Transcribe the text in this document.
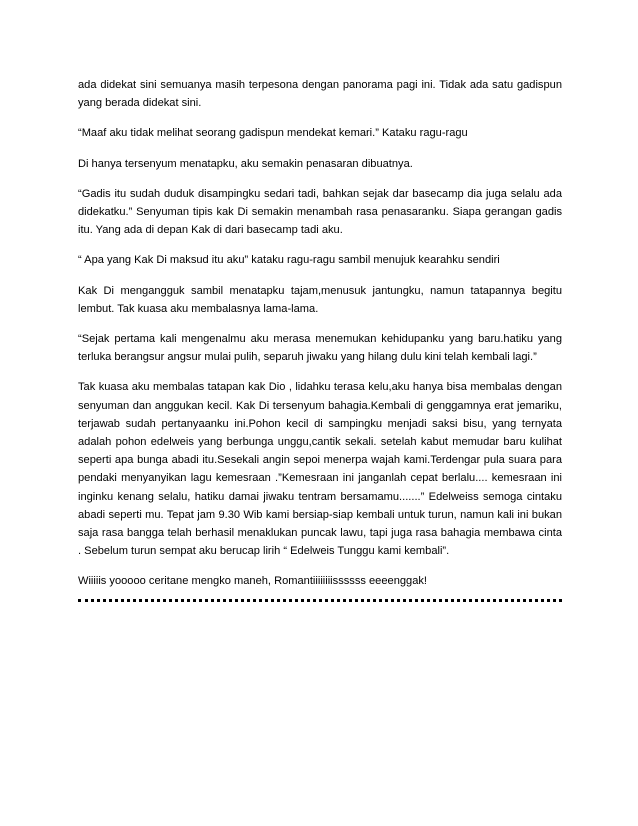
ada didekat sini semuanya masih terpesona dengan panorama pagi ini. Tidak ada satu gadispun yang berada didekat sini.

“Maaf aku tidak melihat seorang gadispun mendekat kemari.” Kataku ragu-ragu

Di hanya tersenyum menatapku, aku semakin penasaran dibuatnya.

“Gadis itu sudah duduk disampingku sedari tadi, bahkan sejak dar basecamp dia juga selalu ada didekatku.” Senyuman tipis kak Di semakin menambah rasa penasaranku. Siapa gerangan gadis itu. Yang ada di depan Kak di dari basecamp tadi aku.

“ Apa yang Kak Di maksud itu aku” kataku ragu-ragu sambil menujuk kearahku sendiri

Kak Di mengangguk sambil menatapku tajam,menusuk jantungku, namun tatapannya begitu lembut. Tak kuasa aku membalasnya lama-lama.

“Sejak pertama kali mengenalmu aku merasa menemukan kehidupanku yang baru.hatiku yang terluka berangsur angsur mulai pulih, separuh jiwaku yang hilang dulu kini telah kembali lagi.”

Tak kuasa aku membalas tatapan kak Dio , lidahku terasa kelu,aku hanya bisa membalas dengan senyuman dan anggukan kecil. Kak Di tersenyum bahagia.Kembali di genggamnya erat jemariku, terjawab sudah pertanyaanku ini.Pohon kecil di sampingku menjadi saksi bisu, yang ternyata adalah pohon edelweis yang berbunga unggu,cantik sekali. setelah kabut memudar baru kulihat seperti apa bunga abadi itu.Sesekali angin sepoi menerpa wajah kami.Terdengar pula suara para pendaki menyanyikan lagu kemesraan .”Kemesraan ini janganlah cepat berlalu.... kemesraan ini inginku kenang selalu, hatiku damai jiwaku tentram bersamamu.......” Edelweiss semoga cintaku abadi seperti mu. Tepat jam 9.30 Wib kami bersiap-siap kembali untuk turun, namun kali ini bukan saja rasa bangga telah berhasil menaklukan puncak lawu, tapi juga rasa bahagia membawa cinta . Sebelum turun sempat aku berucap lirih “ Edelweis Tunggu kami kembali”.

Wiiiiis yooooo ceritane mengko maneh, Romantiiiiiiiissssss eeeenggak!
